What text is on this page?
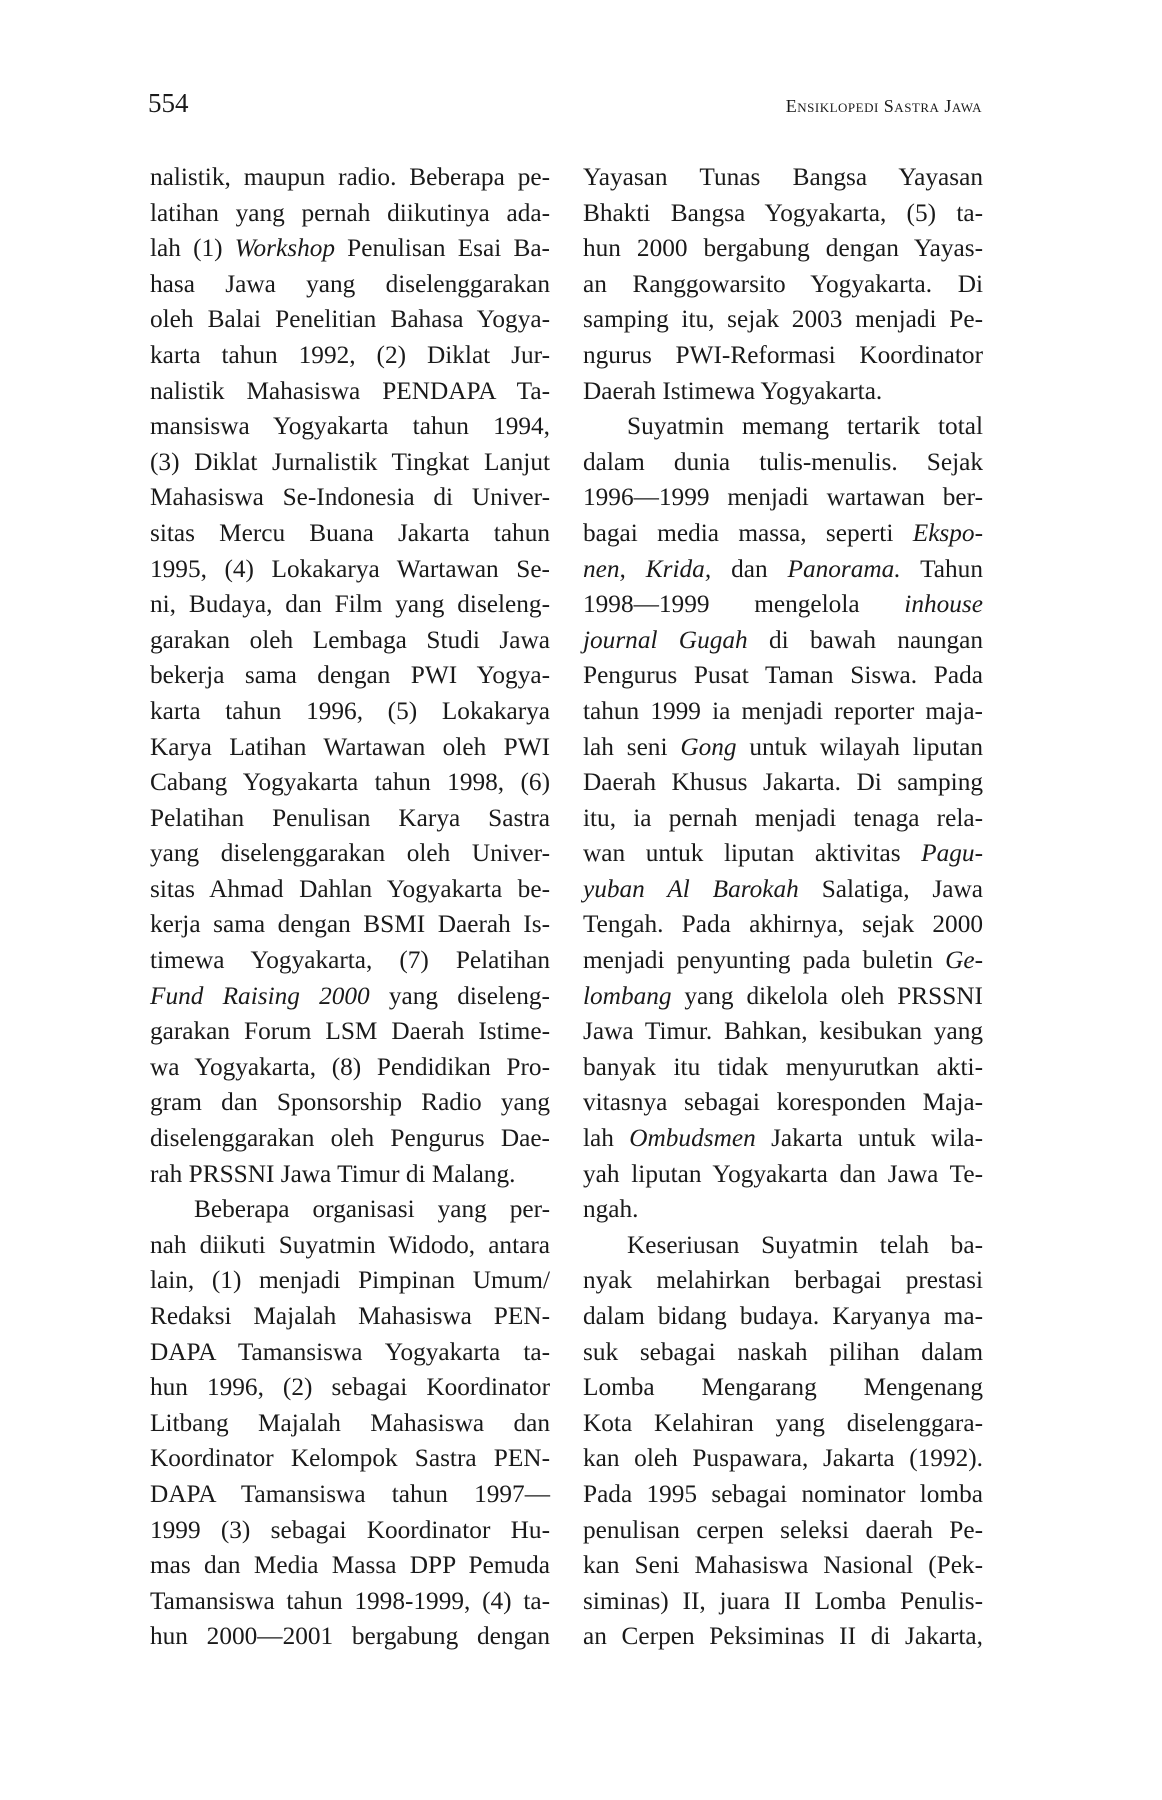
554	Ensiklopedi Sastra Jawa
nalistik, maupun radio. Beberapa pe-
latihan yang pernah diikutinya ada-
lah (1) Workshop Penulisan Esai Ba-
hasa Jawa yang diselenggarakan
oleh Balai Penelitian Bahasa Yogya-
karta tahun 1992, (2) Diklat Jur-
nalistik Mahasiswa PENDAPA Ta-
mansiswa Yogyakarta tahun 1994,
(3) Diklat Jurnalistik Tingkat Lanjut
Mahasiswa Se-Indonesia di Univer-
sitas Mercu Buana Jakarta tahun
1995, (4) Lokakarya Wartawan Se-
ni, Budaya, dan Film yang diseleng-
garakan oleh Lembaga Studi Jawa
bekerja sama dengan PWI Yogya-
karta tahun 1996, (5) Lokakarya
Karya Latihan Wartawan oleh PWI
Cabang Yogyakarta tahun 1998, (6)
Pelatihan Penulisan Karya Sastra
yang diselenggarakan oleh Univer-
sitas Ahmad Dahlan Yogyakarta be-
kerja sama dengan BSMI Daerah Is-
timewa Yogyakarta, (7) Pelatihan
Fund Raising 2000 yang diseleng-
garakan Forum LSM Daerah Istime-
wa Yogyakarta, (8) Pendidikan Pro-
gram dan Sponsorship Radio yang
diselenggarakan oleh Pengurus Dae-
rah PRSSNI Jawa Timur di Malang.
Beberapa organisasi yang per-
nah diikuti Suyatmin Widodo, antara
lain, (1) menjadi Pimpinan Umum/
Redaksi Majalah Mahasiswa PEN-
DAPA Tamansiswa Yogyakarta ta-
hun 1996, (2) sebagai Koordinator
Litbang Majalah Mahasiswa dan
Koordinator Kelompok Sastra PEN-
DAPA Tamansiswa tahun 1997—
1999 (3) sebagai Koordinator Hu-
mas dan Media Massa DPP Pemuda
Tamansiswa tahun 1998-1999, (4) ta-
hun 2000—2001 bergabung dengan
Yayasan Tunas Bangsa Yayasan
Bhakti Bangsa Yogyakarta, (5) ta-
hun 2000 bergabung dengan Yayas-
an Ranggowarsito Yogyakarta. Di
samping itu, sejak 2003 menjadi Pe-
ngurus PWI-Reformasi Koordinator
Daerah Istimewa Yogyakarta.
Suyatmin memang tertarik total
dalam dunia tulis-menulis. Sejak
1996—1999 menjadi wartawan ber-
bagai media massa, seperti Ekspo-
nen, Krida, dan Panorama. Tahun
1998—1999 mengelola inhouse
journal Gugah di bawah naungan
Pengurus Pusat Taman Siswa. Pada
tahun 1999 ia menjadi reporter maja-
lah seni Gong untuk wilayah liputan
Daerah Khusus Jakarta. Di samping
itu, ia pernah menjadi tenaga rela-
wan untuk liputan aktivitas Pagu-
yuban Al Barokah Salatiga, Jawa
Tengah. Pada akhirnya, sejak 2000
menjadi penyunting pada buletin Ge-
lombang yang dikelola oleh PRSSNI
Jawa Timur. Bahkan, kesibukan yang
banyak itu tidak menyurutkan akti-
vitasnya sebagai koresponden Maja-
lah Ombudsmen Jakarta untuk wila-
yah liputan Yogyakarta dan Jawa Te-
ngah.
Keseriusan Suyatmin telah ba-
nyak melahirkan berbagai prestasi
dalam bidang budaya. Karyanya ma-
suk sebagai naskah pilihan dalam
Lomba Mengarang Mengenang
Kota Kelahiran yang diselenggara-
kan oleh Puspawara, Jakarta (1992).
Pada 1995 sebagai nominator lomba
penulisan cerpen seleksi daerah Pe-
kan Seni Mahasiswa Nasional (Pek-
siminas) II, juara II Lomba Penulis-
an Cerpen Peksiminas II di Jakarta,
